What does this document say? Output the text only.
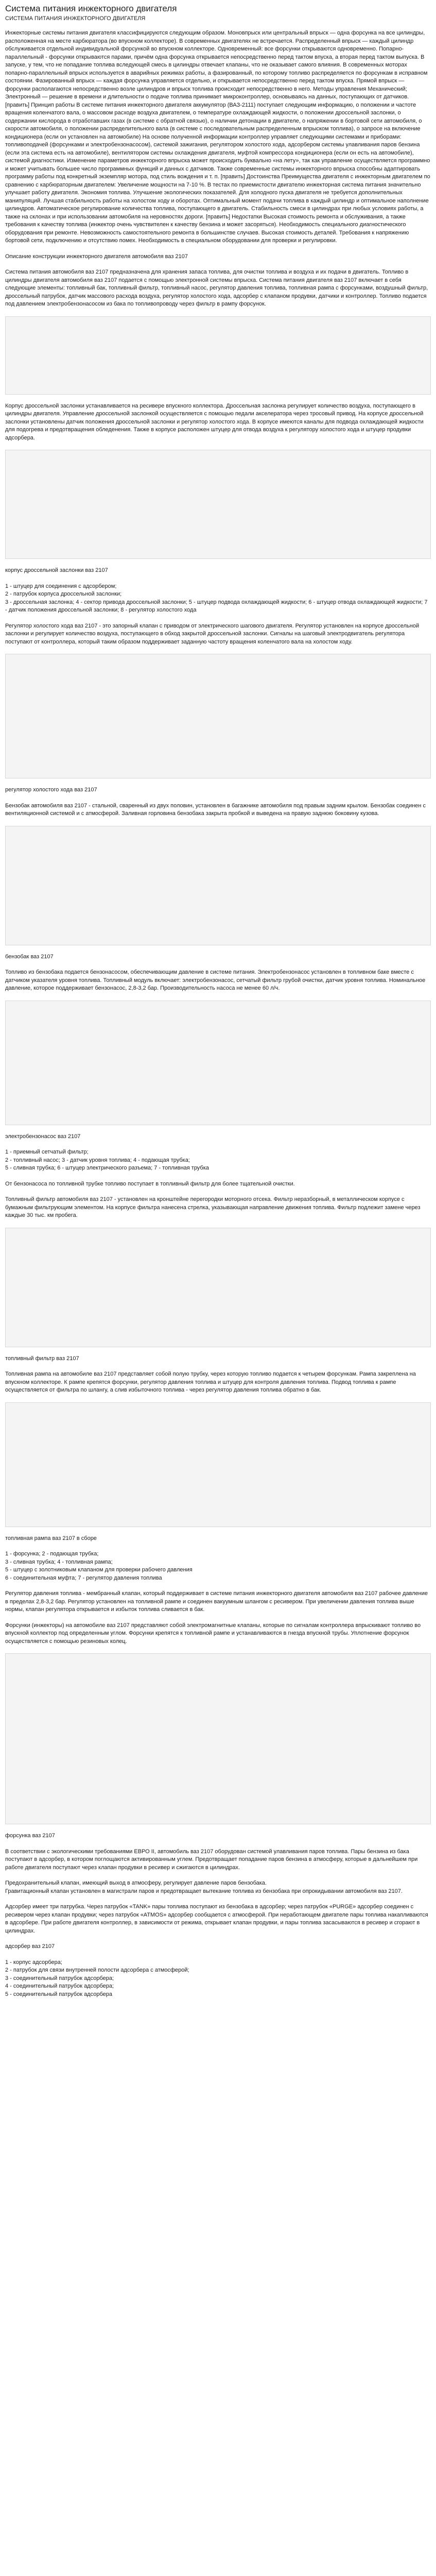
Система питания инжекторного двигателя
СИСТЕМА ПИТАНИЯ ИНЖЕКТОРНОГО ДВИГАТЕЛЯ

Инжекторные системы питания двигателя классифицируются следующим образом. Моновпрыск или центральный впрыск — одна форсунка на все цилиндры, расположенная на месте карбюратора (во впускном коллекторе). В современных двигателях не встречается. Распределенный впрыск — каждый цилиндр обслуживается отдельной индивидуальной форсункой во впускном коллекторе. Одновременный: все форсунки открываются одновременно. Попарно-параллельный - форсунки открываются парами, причём одна форсунка открывается непосредственно перед тактом впуска, а вторая перед тактом выпуска. В запуске, у тем, что не попадание топлива вследующей смесь в цилиндры отвечает клапаны, что не оказывает самого влияния. В современных моторах попарно-параллельный впрыск используется в аварийных режимах работы, а фазированный, по которому топливо распределяется по форсункам в исправном состоянии. Фазированный впрыск — каждая форсунка управляется отдельно, и открывается непосредственно перед тактом впуска. Прямой впрыск — форсунки располагаются непосредственно возле цилиндров и впрыск топлива происходит непосредственно в него. Методы управления Механический; Электронный — решение в времени и длительности о подаче топлива принимает микроконтроллер, основываясь на данных, поступающих от датчиков. [править] Принцип работы В системе питания инжекторного двигателя аккумулятор (ВАЗ-2111) поступает следующим информацию, о положении и частоте вращения коленчатого вала, о массовом расходе воздуха двигателем, о температуре охлаждающей жидкости, о положении дроссельной заслонки, о содержании кислорода в отработавших газах (в системе с обратной связью), о наличии детонации в двигателе, о напряжении в бортовой сети автомобиля, о скорости автомобиля, о положении распределительного вала (в системе с последовательным распределенным впрыском топлива), о запросе на включение кондиционера (если он установлен на автомобиле) На основе полученной информации контроллер управляет следующими системами и приборами: топливоподачей (форсунками и электробензонасосом), системой зажигания, регулятором холостого хода, адсорбером системы улавливания паров бензина (если эта система есть на автомобиле), вентилятором системы охлаждения двигателя, муфтой компрессора кондиционера (если он есть на автомобиле), системой диагностики. Изменение параметров инжекторного впрыска может происходить буквально «на лету», так как управление осуществляется программно и может учитывать большее число программных функций и данных с датчиков. Также современные системы инжекторного впрыска способны адаптировать программу работы под конкретный экземпляр мотора, под стиль вождения и т. п. [править] Достоинства Преимущества двигателя с инжекторным двигателем по сравнению с карбюраторным двигателем: Увеличение мощности на 7-10 %. В тестах по приемистости двигателю инжекторная система питания значительно улучшает работу двигателя. Экономия топлива. Улучшение экологических показателей. Для холодного пуска двигателя не требуется дополнительных манипуляций. Лучшая стабильность работы на холостом ходу и оборотах. Оптимальный момент подачи топлива в каждый цилиндр и оптимальное наполнение цилиндров. Автоматическое регулирование количества топлива, поступающего в двигатель. Стабильность смеси в цилиндрах при любых условиях работы, а также на склонах и при использовании автомобиля на неровностях дороги. [править] Недостатки Высокая стоимость ремонта и обслуживания, а также требования к качеству топлива (инжектор очень чувствителен к качеству бензина и может засоряться). Необходимость специального диагностического оборудования при ремонте. Невозможность самостоятельного ремонта в большинстве случаев. Высокая стоимость деталей. Требования к напряжению бортовой сети, подключению и отсутствию помех. Необходимость в специальном оборудовании для проверки и регулировки.

Описание конструкции инжекторного двигателя автомобиля ваз 2107

Система питания автомобиля ваз 2107 предназначена для хранения запаса топлива, для очистки топлива и воздуха и их подачи в двигатель. Топливо в цилиндры двигателя автомобиля ваз 2107 подается с помощью электронной системы впрыска. Система питания двигателя ваз 2107 включает в себя следующие элементы: топливный бак, топливный фильтр, топливный насос, регулятор давления топлива, топливная рампа с форсунками, воздушный фильтр, дроссельный патрубок, датчик массового расхода воздуха, регулятор холостого хода, адсорбер с клапаном продувки, датчики и контроллер. Топливо подается под давлением электробензонасосом из бака по топливопроводу через фильтр в рампу форсунок.

Корпус дроссельной заслонки устанавливается на ресивере впускного коллектора. Дроссельная заслонка регулирует количество воздуха, поступающего в цилиндры двигателя. Управление дроссельной заслонкой осуществляется с помощью педали акселератора через тросовый привод. На корпусе дроссельной заслонки установлены датчик положения дроссельной заслонки и регулятор холостого хода. В корпусе имеются каналы для подвода охлаждающей жидкости для подогрева и предотвращения обледенения. Также в корпусе расположен штуцер для отвода воздуха к регулятору холостого хода и штуцер продувки адсорбера.

корпус дроссельной заслонки ваз 2107

1 - штуцер для соединения с адсорбером;

2 - патрубок корпуса дроссельной заслонки;

3 - дроссельная заслонка; 4 - сектор привода дроссельной заслонки; 5 - штуцер подвода охлаждающей жидкости; 6 - штуцер отвода охлаждающей жидкости; 7 - датчик положения дроссельной заслонки; 8 - регулятор холостого хода

Регулятор холостого хода ваз 2107 - это запорный клапан с приводом от электрического шагового двигателя. Регулятор установлен на корпусе дроссельной заслонки и регулирует количество воздуха, поступающего в обход закрытой дроссельной заслонки. Сигналы на шаговый электродвигатель регулятора поступают от контроллера, который таким образом поддерживает заданную частоту вращения коленчатого вала на холостом ходу.

регулятор холостого хода ваз 2107

Бензобак автомобиля ваз 2107 - стальной, сваренный из двух половин, установлен в багажнике автомобиля под правым задним крылом. Бензобак соединен с вентиляционной системой и с атмосферой. Заливная горловина бензобака закрыта пробкой и выведена на правую заднюю боковину кузова.

бензобак ваз 2107

Топливо из бензобака подается бензонасосом, обеспечивающим давление в системе питания. Электробензонасос установлен в топливном баке вместе с датчиком указателя уровня топлива. Топливный модуль включает: электробензонасос, сетчатый фильтр грубой очистки, датчик уровня топлива. Номинальное давление, которое поддерживает бензонасос, 2,8-3,2 бар. Производительность насоса не менее 60 л/ч.

электробензонасос ваз 2107

1 - приемный сетчатый фильтр;

2 - топливный насос; 3 - датчик уровня топлива; 4 - подающая трубка;

5 - сливная трубка; 6 - штуцер электрического разъема; 7 - топливная трубка

От бензонасоса по топливной трубке топливо поступает в топливный фильтр для более тщательной очистки.

Топливный фильтр автомобиля ваз 2107 - установлен на кронштейне перегородки моторного отсека. Фильтр неразборный, в металлическом корпусе с бумажным фильтрующим элементом. На корпусе фильтра нанесена стрелка, указывающая направление движения топлива. Фильтр подлежит замене через каждые 30 тыс. км пробега.

топливный фильтр ваз 2107

Топливная рампа на автомобиле ваз 2107 представляет собой полую трубку, через которую топливо подается к четырем форсункам. Рампа закреплена на впускном коллекторе. К рампе крепятся форсунки, регулятор давления топлива и штуцер для контроля давления топлива. Подвод топлива к рампе осуществляется от фильтра по шлангу, а слив избыточного топлива - через регулятор давления топлива обратно в бак.

топливная рампа ваз 2107 в сборе

1 - форсунка; 2 - подающая трубка;

3 - сливная трубка; 4 - топливная рампа;

5 - штуцер с золотниковым клапаном для проверки рабочего давления

6 - соединительная муфта; 7 - регулятор давления топлива

Регулятор давления топлива - мембранный клапан, который поддерживает в системе питания инжекторного двигателя автомобиля ваз 2107 рабочее давление в пределах 2,8-3,2 бар. Регулятор установлен на топливной рампе и соединен вакуумным шлангом с ресивером. При увеличении давления топлива выше нормы, клапан регулятора открывается и избыток топлива сливается в бак.

Форсунки (инжекторы) на автомобиле ваз 2107 представляют собой электромагнитные клапаны, которые по сигналам контроллера впрыскивают топливо во впускной коллектор под определенным углом. Форсунки крепятся к топливной рампе и устанавливаются в гнезда впускной трубы. Уплотнение форсунок осуществляется с помощью резиновых колец.

форсунка ваз 2107

В соответствии с экологическими требованиями ЕВРО II, автомобиль ваз 2107 оборудован системой улавливания паров топлива. Пары бензина из бака поступают в адсорбер, в котором поглощаются активированным углем. Предотвращает попадание паров бензина в атмосферу, которые в дальнейшем при работе двигателя поступают через клапан продувки в ресивер и сжигаются в цилиндрах.

Предохранительный клапан, имеющий выход в атмосферу, регулирует давление паров бензобака.

Гравитационный клапан установлен в магистрали паров и предотвращает вытекание топлива из бензобака при опрокидывании автомобиля ваз 2107.

Адсорбер имеет три патрубка. Через патрубок «TANK» пары топлива поступают из бензобака в адсорбер; через патрубок «PURGE» адсорбер соединен с ресивером через клапан продувки; через патрубок «ATMOS» адсорбер сообщается с атмосферой. При неработающем двигателе пары топлива накапливаются в адсорбере. При работе двигателя контроллер, в зависимости от режима, открывает клапан продувки, и пары топлива засасываются в ресивер и сгорают в цилиндрах.

адсорбер ваз 2107

1 - корпус адсорбера;

2 - патрубок для связи внутренней полости адсорбера с атмосферой;

3 - соединительный патрубок адсорбера;

4 - соединительный патрубок адсорбера;

5 - соединительный патрубок адсорбера
